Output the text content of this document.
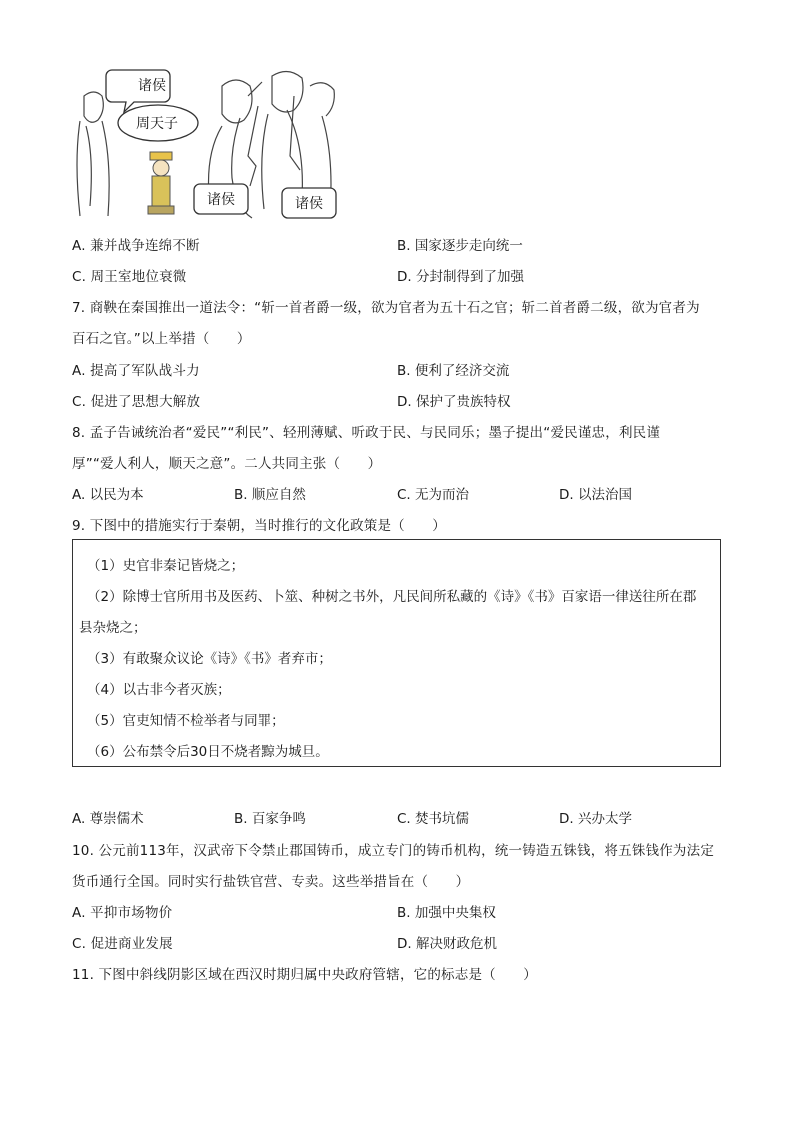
诸侯
周天子
诸侯	诸侯
A. 兼并战争连绵不断	B. 国家逐步走向统一
C. 周王室地位衰微	D. 分封制得到了加强
7. 商鞅在秦国推出一道法令：“斩一首者爵一级，欲为官者为五十石之官；斩二首者爵二级，欲为官者为
百石之官。”以上举措（　　）
A. 提高了军队战斗力	B. 便利了经济交流
C. 促进了思想大解放	D. 保护了贵族特权
8. 孟子告诫统治者“爱民”“利民”、轻刑薄赋、听政于民、与民同乐；墨子提出“爱民谨忠，利民谨
厚”“爱人利人，顺天之意”。二人共同主张（　　）
A. 以民为本	B. 顺应自然	C. 无为而治	D. 以法治国
9. 下图中的措施实行于秦朝，当时推行的文化政策是（　　）
（1）史官非秦记皆烧之；
（2）除博士官所用书及医药、卜筮、种树之书外，凡民间所私藏的《诗》《书》百家语一律送往所在郡
县杂烧之；
（3）有敢聚众议论《诗》《书》者弃市；
（4）以古非今者灭族；
（5）官吏知情不检举者与同罪；
（6）公布禁令后30日不烧者黥为城旦。
A. 尊崇儒术	B. 百家争鸣	C. 焚书坑儒	D. 兴办太学
10. 公元前113年，汉武帝下令禁止郡国铸币，成立专门的铸币机构，统一铸造五铢钱，将五铢钱作为法定
货币通行全国。同时实行盐铁官营、专卖。这些举措旨在（　　）
A. 平抑市场物价	B. 加强中央集权
C. 促进商业发展	D. 解决财政危机
11. 下图中斜线阴影区域在西汉时期归属中央政府管辖，它的标志是（　　）
